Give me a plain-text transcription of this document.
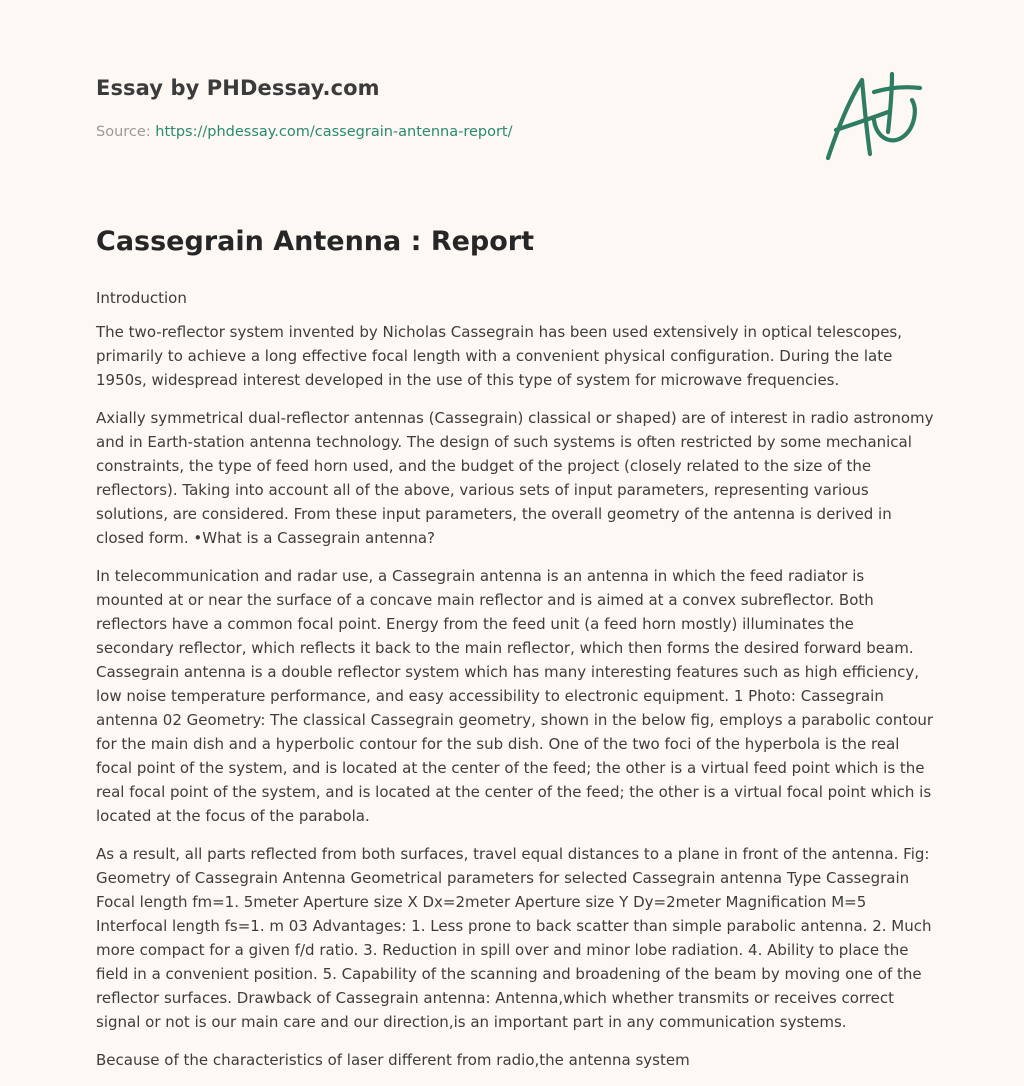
Essay by PHDessay.com
Source: https://phdessay.com/cassegrain-antenna-report/
Cassegrain Antenna : Report

Introduction

The two-reflector system invented by Nicholas Cassegrain has been used extensively in optical telescopes, primarily to achieve a long effective focal length with a convenient physical configuration. During the late 1950s, widespread interest developed in the use of this type of system for microwave frequencies.

Axially symmetrical dual-reflector antennas (Cassegrain) classical or shaped) are of interest in radio astronomy and in Earth-station antenna technology. The design of such systems is often restricted by some mechanical constraints, the type of feed horn used, and the budget of the project (closely related to the size of the reflectors). Taking into account all of the above, various sets of input parameters, representing various solutions, are considered. From these input parameters, the overall geometry of the antenna is derived in closed form. •What is a Cassegrain antenna?

In telecommunication and radar use, a Cassegrain antenna is an antenna in which the feed radiator is mounted at or near the surface of a concave main reflector and is aimed at a convex subreflector. Both reflectors have a common focal point. Energy from the feed unit (a feed horn mostly) illuminates the secondary reflector, which reflects it back to the main reflector, which then forms the desired forward beam. Cassegrain antenna is a double reflector system which has many interesting features such as high efficiency, low noise temperature performance, and easy accessibility to electronic equipment. 1 Photo: Cassegrain antenna 02 Geometry: The classical Cassegrain geometry, shown in the below fig, employs a parabolic contour for the main dish and a hyperbolic contour for the sub dish. One of the two foci of the hyperbola is the real focal point of the system, and is located at the center of the feed; the other is a virtual feed point which is the real focal point of the system, and is located at the center of the feed; the other is a virtual focal point which is located at the focus of the parabola.

As a result, all parts reflected from both surfaces, travel equal distances to a plane in front of the antenna. Fig: Geometry of Cassegrain Antenna Geometrical parameters for selected Cassegrain antenna Type Cassegrain Focal length fm=1. 5meter Aperture size X Dx=2meter Aperture size Y Dy=2meter Magnification M=5 Interfocal length fs=1. m 03 Advantages: 1. Less prone to back scatter than simple parabolic antenna. 2. Much more compact for a given f/d ratio. 3. Reduction in spill over and minor lobe radiation. 4. Ability to place the field in a convenient position. 5. Capability of the scanning and broadening of the beam by moving one of the reflector surfaces. Drawback of Cassegrain antenna: Antenna,which whether transmits or receives correct signal or not is our main care and our direction,is an important part in any communication systems.

Because of the characteristics of laser different from radio,the antenna system
